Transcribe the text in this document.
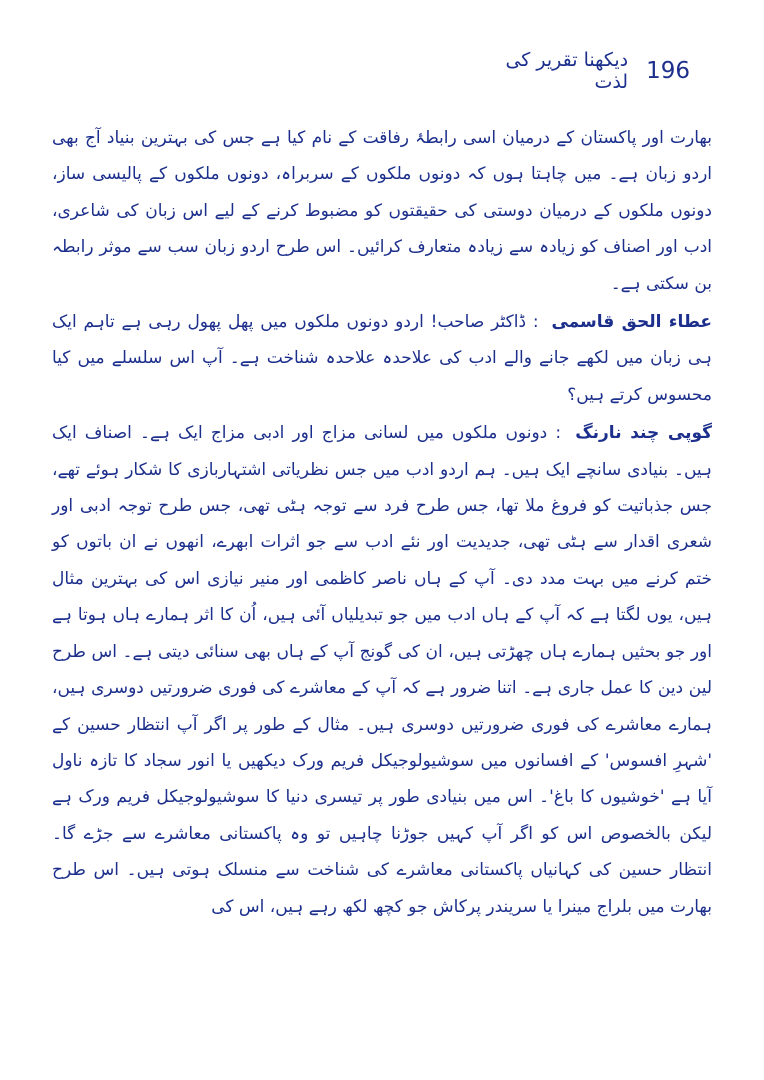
196
دیکھنا تقریر کی لذت

بھارت اور پاکستان کے درمیان اسی رابطۂ رفاقت کے نام کیا ہے جس کی بہترین بنیاد آج بھی اردو زبان ہے۔ میں چاہتا ہوں کہ دونوں ملکوں کے سربراہ، دونوں ملکوں کے پالیسی ساز، دونوں ملکوں کے درمیان دوستی کی حقیقتوں کو مضبوط کرنے کے لیے اس زبان کی شاعری، ادب اور اصناف کو زیادہ سے زیادہ متعارف کرائیں۔ اس طرح اردو زبان سب سے موثر رابطہ بن سکتی ہے۔

عطاء الحق قاسمی : ڈاکٹر صاحب! اردو دونوں ملکوں میں پھل پھول رہی ہے تاہم ایک ہی زبان میں لکھے جانے والے ادب کی علاحدہ علاحدہ شناخت ہے۔ آپ اس سلسلے میں کیا محسوس کرتے ہیں؟

گوپی چند نارنگ : دونوں ملکوں میں لسانی مزاج اور ادبی مزاج ایک ہے۔ اصناف ایک ہیں۔ بنیادی سانچے ایک ہیں۔ ہم اردو ادب میں جس نظریاتی اشتہاربازی کا شکار ہوئے تھے، جس جذباتیت کو فروغ ملا تھا، جس طرح فرد سے توجہ ہٹی تھی، جس طرح توجہ ادبی اور شعری اقدار سے ہٹی تھی، جدیدیت اور نئے ادب سے جو اثرات ابھرے، انھوں نے ان باتوں کو ختم کرنے میں بہت مدد دی۔ آپ کے ہاں ناصر کاظمی اور منیر نیازی اس کی بہترین مثال ہیں، یوں لگتا ہے کہ آپ کے ہاں ادب میں جو تبدیلیاں آئی ہیں، اُن کا اثر ہمارے ہاں ہوتا ہے اور جو بحثیں ہمارے ہاں چھڑتی ہیں، ان کی گونج آپ کے ہاں بھی سنائی دیتی ہے۔ اس طرح لین دین کا عمل جاری ہے۔ اتنا ضرور ہے کہ آپ کے معاشرے کی فوری ضرورتیں دوسری ہیں، ہمارے معاشرے کی فوری ضرورتیں دوسری ہیں۔ مثال کے طور پر اگر آپ انتظار حسین کے 'شہرِ افسوس' کے افسانوں میں سوشیولوجیکل فریم ورک دیکھیں یا انور سجاد کا تازہ ناول آیا ہے 'خوشیوں کا باغ'۔ اس میں بنیادی طور پر تیسری دنیا کا سوشیولوجیکل فریم ورک ہے لیکن بالخصوص اس کو اگر آپ کہیں جوڑنا چاہیں تو وہ پاکستانی معاشرے سے جڑے گا۔ انتظار حسین کی کہانیاں پاکستانی معاشرے کی شناخت سے منسلک ہوتی ہیں۔ اس طرح بھارت میں بلراج مینرا یا سریندر پرکاش جو کچھ لکھ رہے ہیں، اس کی
